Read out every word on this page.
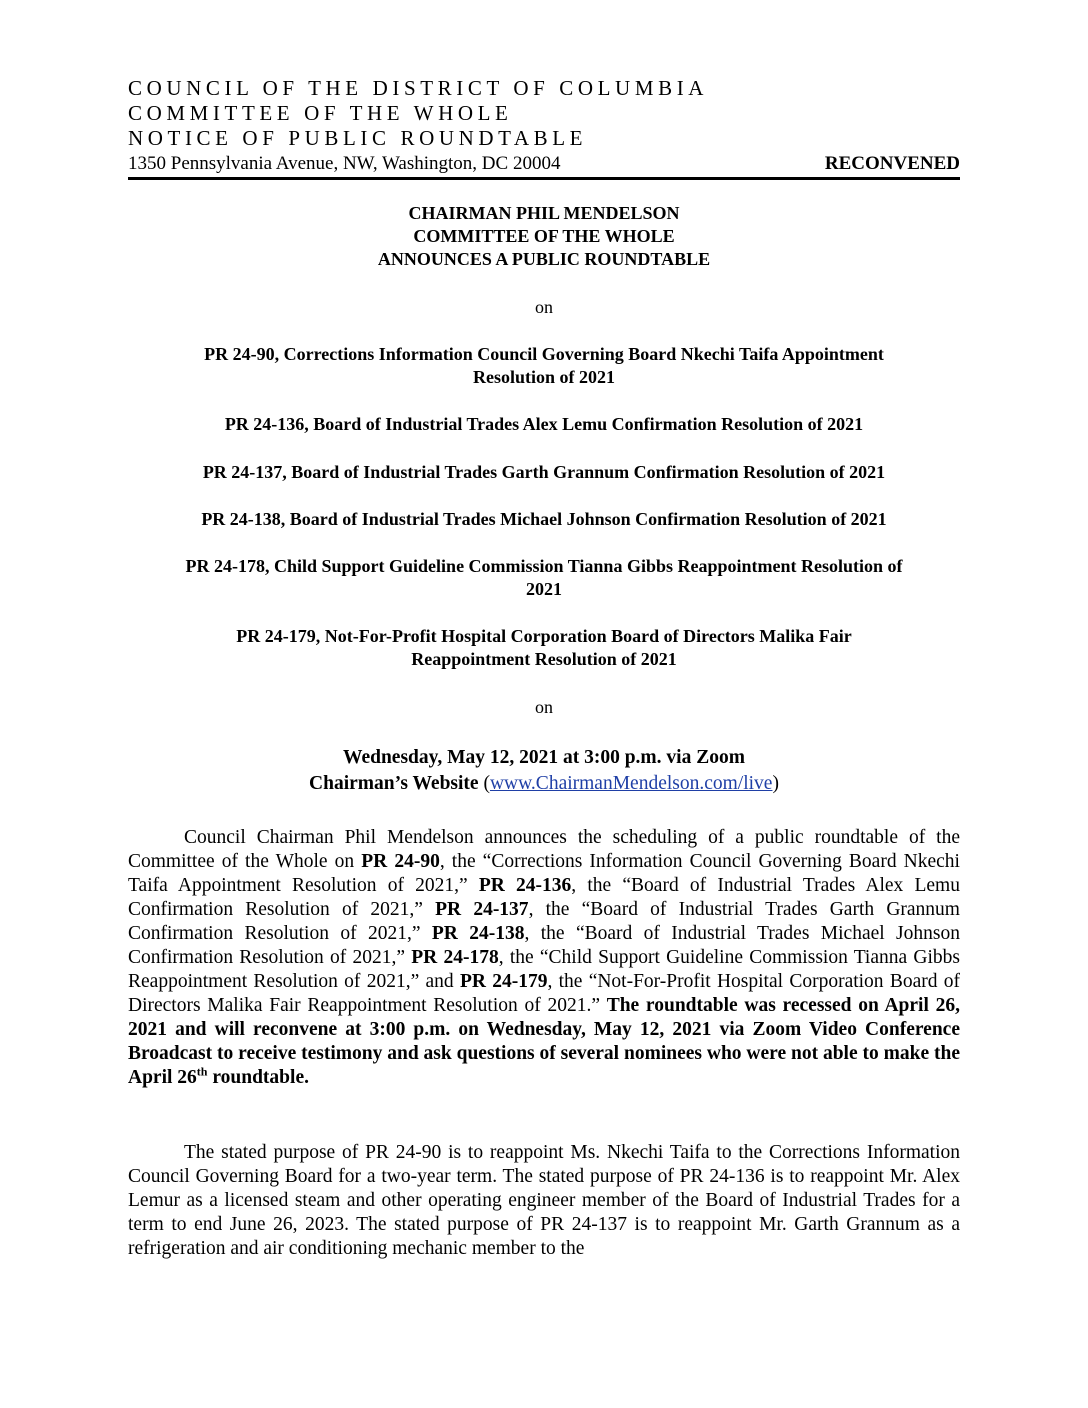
COUNCIL OF THE DISTRICT OF COLUMBIA
COMMITTEE OF THE WHOLE
NOTICE OF PUBLIC ROUNDTABLE
1350 Pennsylvania Avenue, NW, Washington, DC 20004	RECONVENED
CHAIRMAN PHIL MENDELSON
COMMITTEE OF THE WHOLE
ANNOUNCES A PUBLIC ROUNDTABLE
on
PR 24-90, Corrections Information Council Governing Board Nkechi Taifa Appointment
Resolution of 2021
PR 24-136, Board of Industrial Trades Alex Lemu Confirmation Resolution of 2021
PR 24-137, Board of Industrial Trades Garth Grannum Confirmation Resolution of 2021
PR 24-138, Board of Industrial Trades Michael Johnson Confirmation Resolution of 2021
PR 24-178, Child Support Guideline Commission Tianna Gibbs Reappointment Resolution of
2021
PR 24-179, Not-For-Profit Hospital Corporation Board of Directors Malika Fair
Reappointment Resolution of 2021
on
Wednesday, May 12, 2021 at 3:00 p.m. via Zoom
Chairman’s Website (www.ChairmanMendelson.com/live)

Council Chairman Phil Mendelson announces the scheduling of a public roundtable of the Committee of the Whole on PR 24-90, the “Corrections Information Council Governing Board Nkechi Taifa Appointment Resolution of 2021,” PR 24-136, the “Board of Industrial Trades Alex Lemu Confirmation Resolution of 2021,” PR 24-137, the “Board of Industrial Trades Garth Grannum Confirmation Resolution of 2021,” PR 24-138, the “Board of Industrial Trades Michael Johnson Confirmation Resolution of 2021,” PR 24-178, the “Child Support Guideline Commission Tianna Gibbs Reappointment Resolution of 2021,” and PR 24-179, the “Not-For-Profit Hospital Corporation Board of Directors Malika Fair Reappointment Resolution of 2021.” The roundtable was recessed on April 26, 2021 and will reconvene at 3:00 p.m. on Wednesday, May 12, 2021 via Zoom Video Conference Broadcast to receive testimony and ask questions of several nominees who were not able to make the April 26th roundtable.

The stated purpose of PR 24-90 is to reappoint Ms. Nkechi Taifa to the Corrections Information Council Governing Board for a two-year term. The stated purpose of PR 24-136 is to reappoint Mr. Alex Lemur as a licensed steam and other operating engineer member of the Board of Industrial Trades for a term to end June 26, 2023. The stated purpose of PR 24-137 is to reappoint Mr. Garth Grannum as a refrigeration and air conditioning mechanic member to the
